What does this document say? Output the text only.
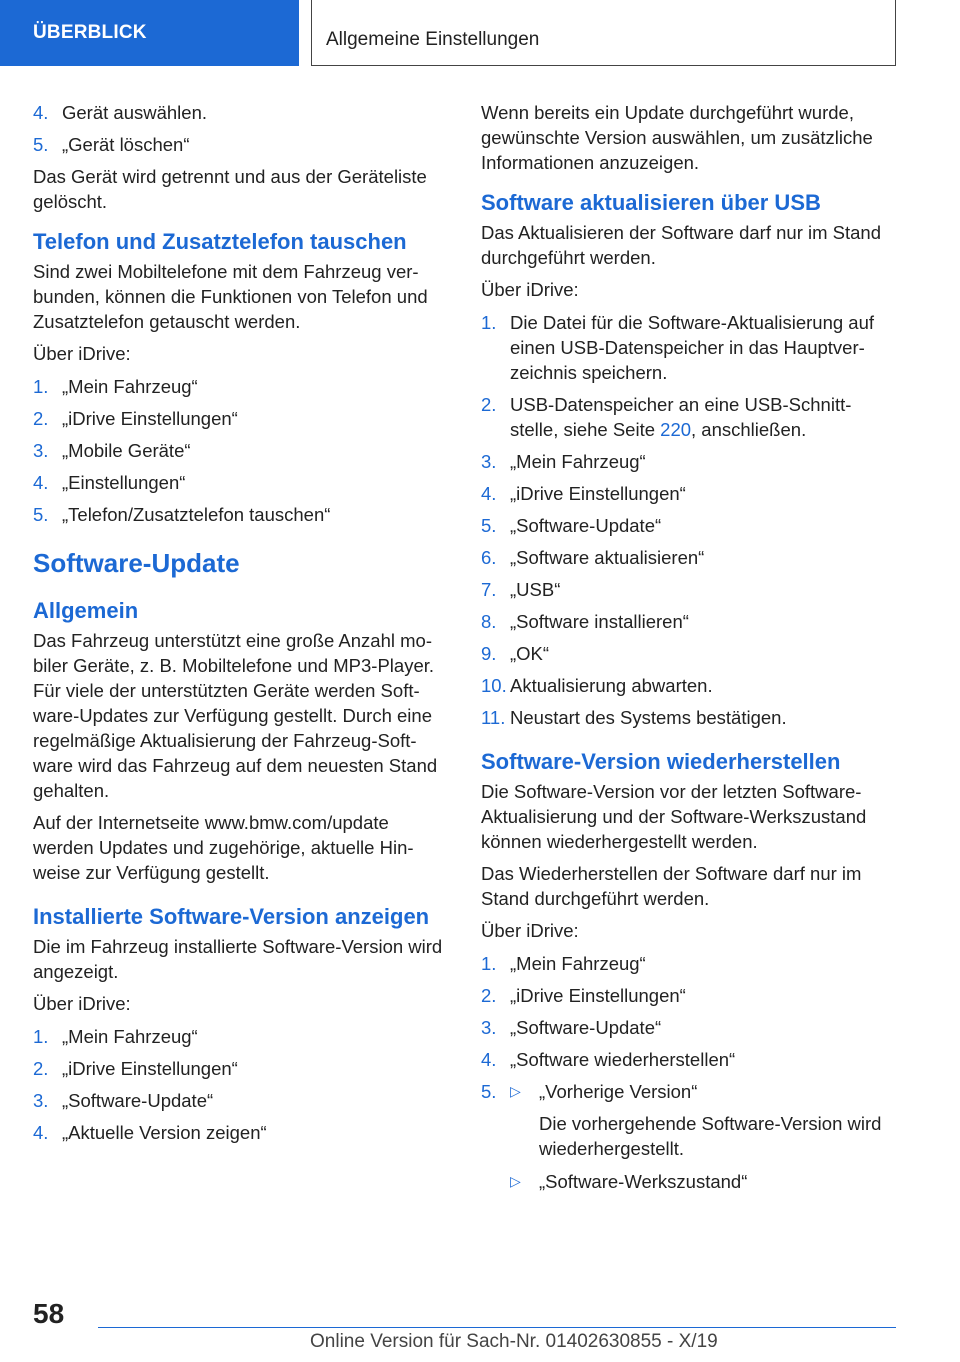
ÜBERBLICK	Allgemeine Einstellungen
4. Gerät auswählen.
5. „Gerät löschen“

Das Gerät wird getrennt und aus der Geräteliste gelöscht.

Telefon und Zusatztelefon tauschen

Sind zwei Mobiltelefone mit dem Fahrzeug ver-bunden, können die Funktionen von Telefon und Zusatztelefon getauscht werden.

Über iDrive:

1. „Mein Fahrzeug“
2. „iDrive Einstellungen“
3. „Mobile Geräte“
4. „Einstellungen“
5. „Telefon/Zusatztelefon tauschen“
Software-Update
Allgemein

Das Fahrzeug unterstützt eine große Anzahl mo-biler Geräte, z. B. Mobiltelefone und MP3-Player. Für viele der unterstützten Geräte werden Soft-ware-Updates zur Verfügung gestellt. Durch eine regelmäßige Aktualisierung der Fahrzeug-Soft-ware wird das Fahrzeug auf dem neuesten Stand gehalten.

Auf der Internetseite www.bmw.com/update werden Updates und zugehörige, aktuelle Hin-weise zur Verfügung gestellt.

Installierte Software-Version anzeigen

Die im Fahrzeug installierte Software-Version wird angezeigt.

Über iDrive:

1. „Mein Fahrzeug“
2. „iDrive Einstellungen“
3. „Software-Update“
4. „Aktuelle Version zeigen“

Wenn bereits ein Update durchgeführt wurde, gewünschte Version auswählen, um zusätzliche Informationen anzuzeigen.

Software aktualisieren über USB

Das Aktualisieren der Software darf nur im Stand durchgeführt werden.

Über iDrive:

1. Die Datei für die Software-Aktualisierung auf einen USB-Datenspeicher in das Hauptver-zeichnis speichern.
2. USB-Datenspeicher an eine USB-Schnitt-stelle, siehe Seite 220, anschließen.
3. „Mein Fahrzeug“
4. „iDrive Einstellungen“
5. „Software-Update“
6. „Software aktualisieren“
7. „USB“
8. „Software installieren“
9. „OK“
10. Aktualisierung abwarten.
11. Neustart des Systems bestätigen.
Software-Version wiederherstellen

Die Software-Version vor der letzten Software-Aktualisierung und der Software-Werkszustand können wiederhergestellt werden.

Das Wiederherstellen der Software darf nur im Stand durchgeführt werden.

Über iDrive:

1. „Mein Fahrzeug“
2. „iDrive Einstellungen“
3. „Software-Update“
4. „Software wiederherstellen“
5. ▷ „Vorherige Version“
Die vorhergehende Software-Version wird wiederhergestellt.
▷ „Software-Werkszustand“
58
Online Version für Sach-Nr. 01402630855 - X/19
